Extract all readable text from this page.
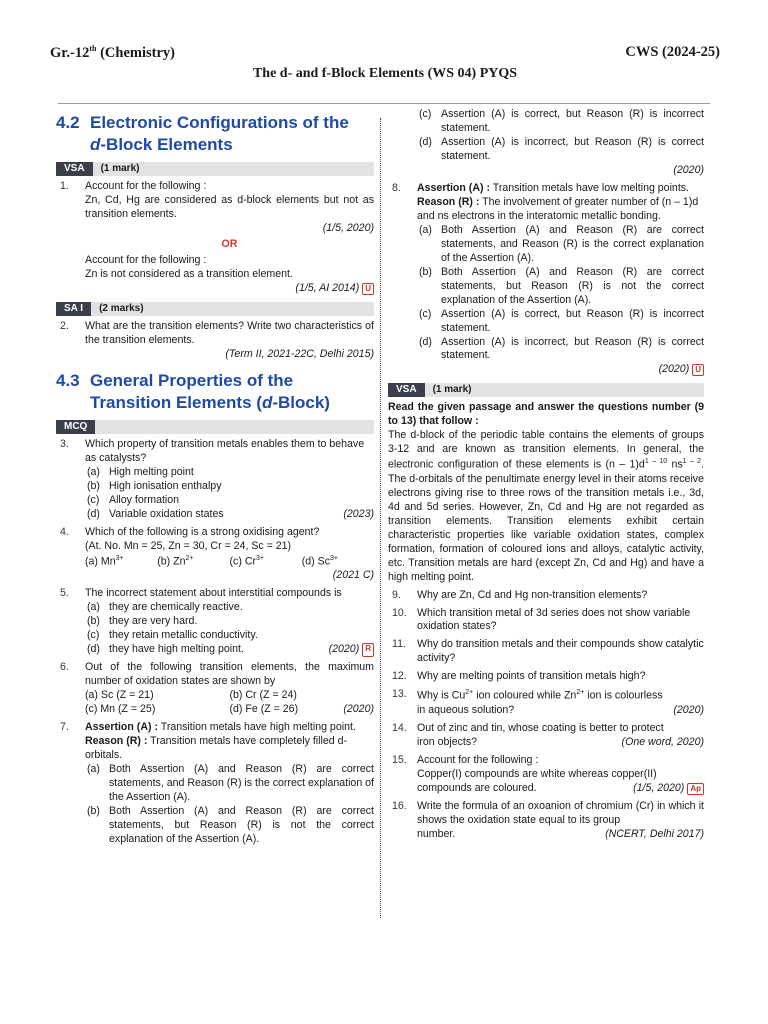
Gr.-12th (Chemistry)	CWS (2024-25)
The d- and f-Block Elements (WS 04) PYQS
4.2 Electronic Configurations of the
d-Block Elements
VSA	(1 mark)
1.	Account for the following :
Zn, Cd, Hg are considered as d-block elements but not as transition elements.
(1/5, 2020)
OR
Account for the following :
Zn is not considered as a transition element.
(1/5, AI 2014) U
SA I	(2 marks)
2.	What are the transition elements? Write two characteristics of the transition elements.
(Term II, 2021-22C, Delhi 2015)
4.3 General Properties of the
Transition Elements (d-Block)
MCQ
3.	Which property of transition metals enables them to behave as catalysts?
(a) High melting point
(b) High ionisation enthalpy
(c) Alloy formation
(d) Variable oxidation states	(2023)
4.	Which of the following is a strong oxidising agent?
(At. No. Mn = 25, Zn = 30, Cr = 24, Sc = 21)
(a) $Mn^{3+}$	(b) $Zn^{2+}$	(c) $Cr^{3+}$	(d) $Sc^{3+}$
(2021 C)
5.	The incorrect statement about interstitial compounds is
(a) they are chemically reactive.
(b) they are very hard.
(c) they retain metallic conductivity.
(d) they have high melting point.	(2020) R
6.	Out of the following transition elements, the maximum number of oxidation states are shown by
(a) Sc (Z = 21)	(b) Cr (Z = 24)
(c) Mn (Z = 25)	(d) Fe (Z = 26)	(2020)
7.	Assertion (A) : Transition metals have high melting point.
Reason (R) : Transition metals have completely filled d-orbitals.
(a) Both Assertion (A) and Reason (R) are correct statements, and Reason (R) is the correct explanation of the Assertion (A).
(b) Both Assertion (A) and Reason (R) are correct statements, but Reason (R) is not the correct explanation of the Assertion (A).
(c) Assertion (A) is correct, but Reason (R) is incorrect statement.
(d) Assertion (A) is incorrect, but Reason (R) is correct statement.
(2020)
8.	Assertion (A) : Transition metals have low melting points.
Reason (R) : The involvement of greater number of (n – 1)d and ns electrons in the interatomic metallic bonding.
(a) Both Assertion (A) and Reason (R) are correct statements, and Reason (R) is the correct explanation of the Assertion (A).
(b) Both Assertion (A) and Reason (R) are correct statements, but Reason (R) is not the correct explanation of the Assertion (A).
(c) Assertion (A) is correct, but Reason (R) is incorrect statement.
(d) Assertion (A) is incorrect, but Reason (R) is correct statement.
(2020) U
VSA	(1 mark)
Read the given passage and answer the questions number (9 to 13) that follow :
The d-block of the periodic table contains the elements of groups 3-12 and are known as transition elements. In general, the electronic configuration of these elements is $(n - 1)d^{1 - 10}$ $ns^{1 - 2}$. The d-orbitals of the penultimate energy level in their atoms receive electrons giving rise to three rows of the transition metals i.e., 3d, 4d and 5d series. However, Zn, Cd and Hg are not regarded as transition elements. Transition elements exhibit certain characteristic properties like variable oxidation states, complex formation, formation of coloured ions and alloys, catalytic activity, etc. Transition metals are hard (except Zn, Cd and Hg) and have a high melting point.
9.	Why are Zn, Cd and Hg non-transition elements?
10. Which transition metal of 3d series does not show variable oxidation states?
11.	Why do transition metals and their compounds show catalytic activity?
12. Why are melting points of transition metals high?
13. Why is $Cu^{2+}$ ion coloured while $Zn^{2+}$ ion is colourless
in aqueous solution?	(2020)
14. Out of zinc and tin, whose coating is better to protect
iron objects?	(One word, 2020)
15. Account for the following :
Copper(I) compounds are white whereas copper(II)
compounds are coloured.	(1/5, 2020) Ap
16. Write the formula of an oxoanion of chromium (Cr) in which it shows the oxidation state equal to its group
number.	(NCERT, Delhi 2017)
